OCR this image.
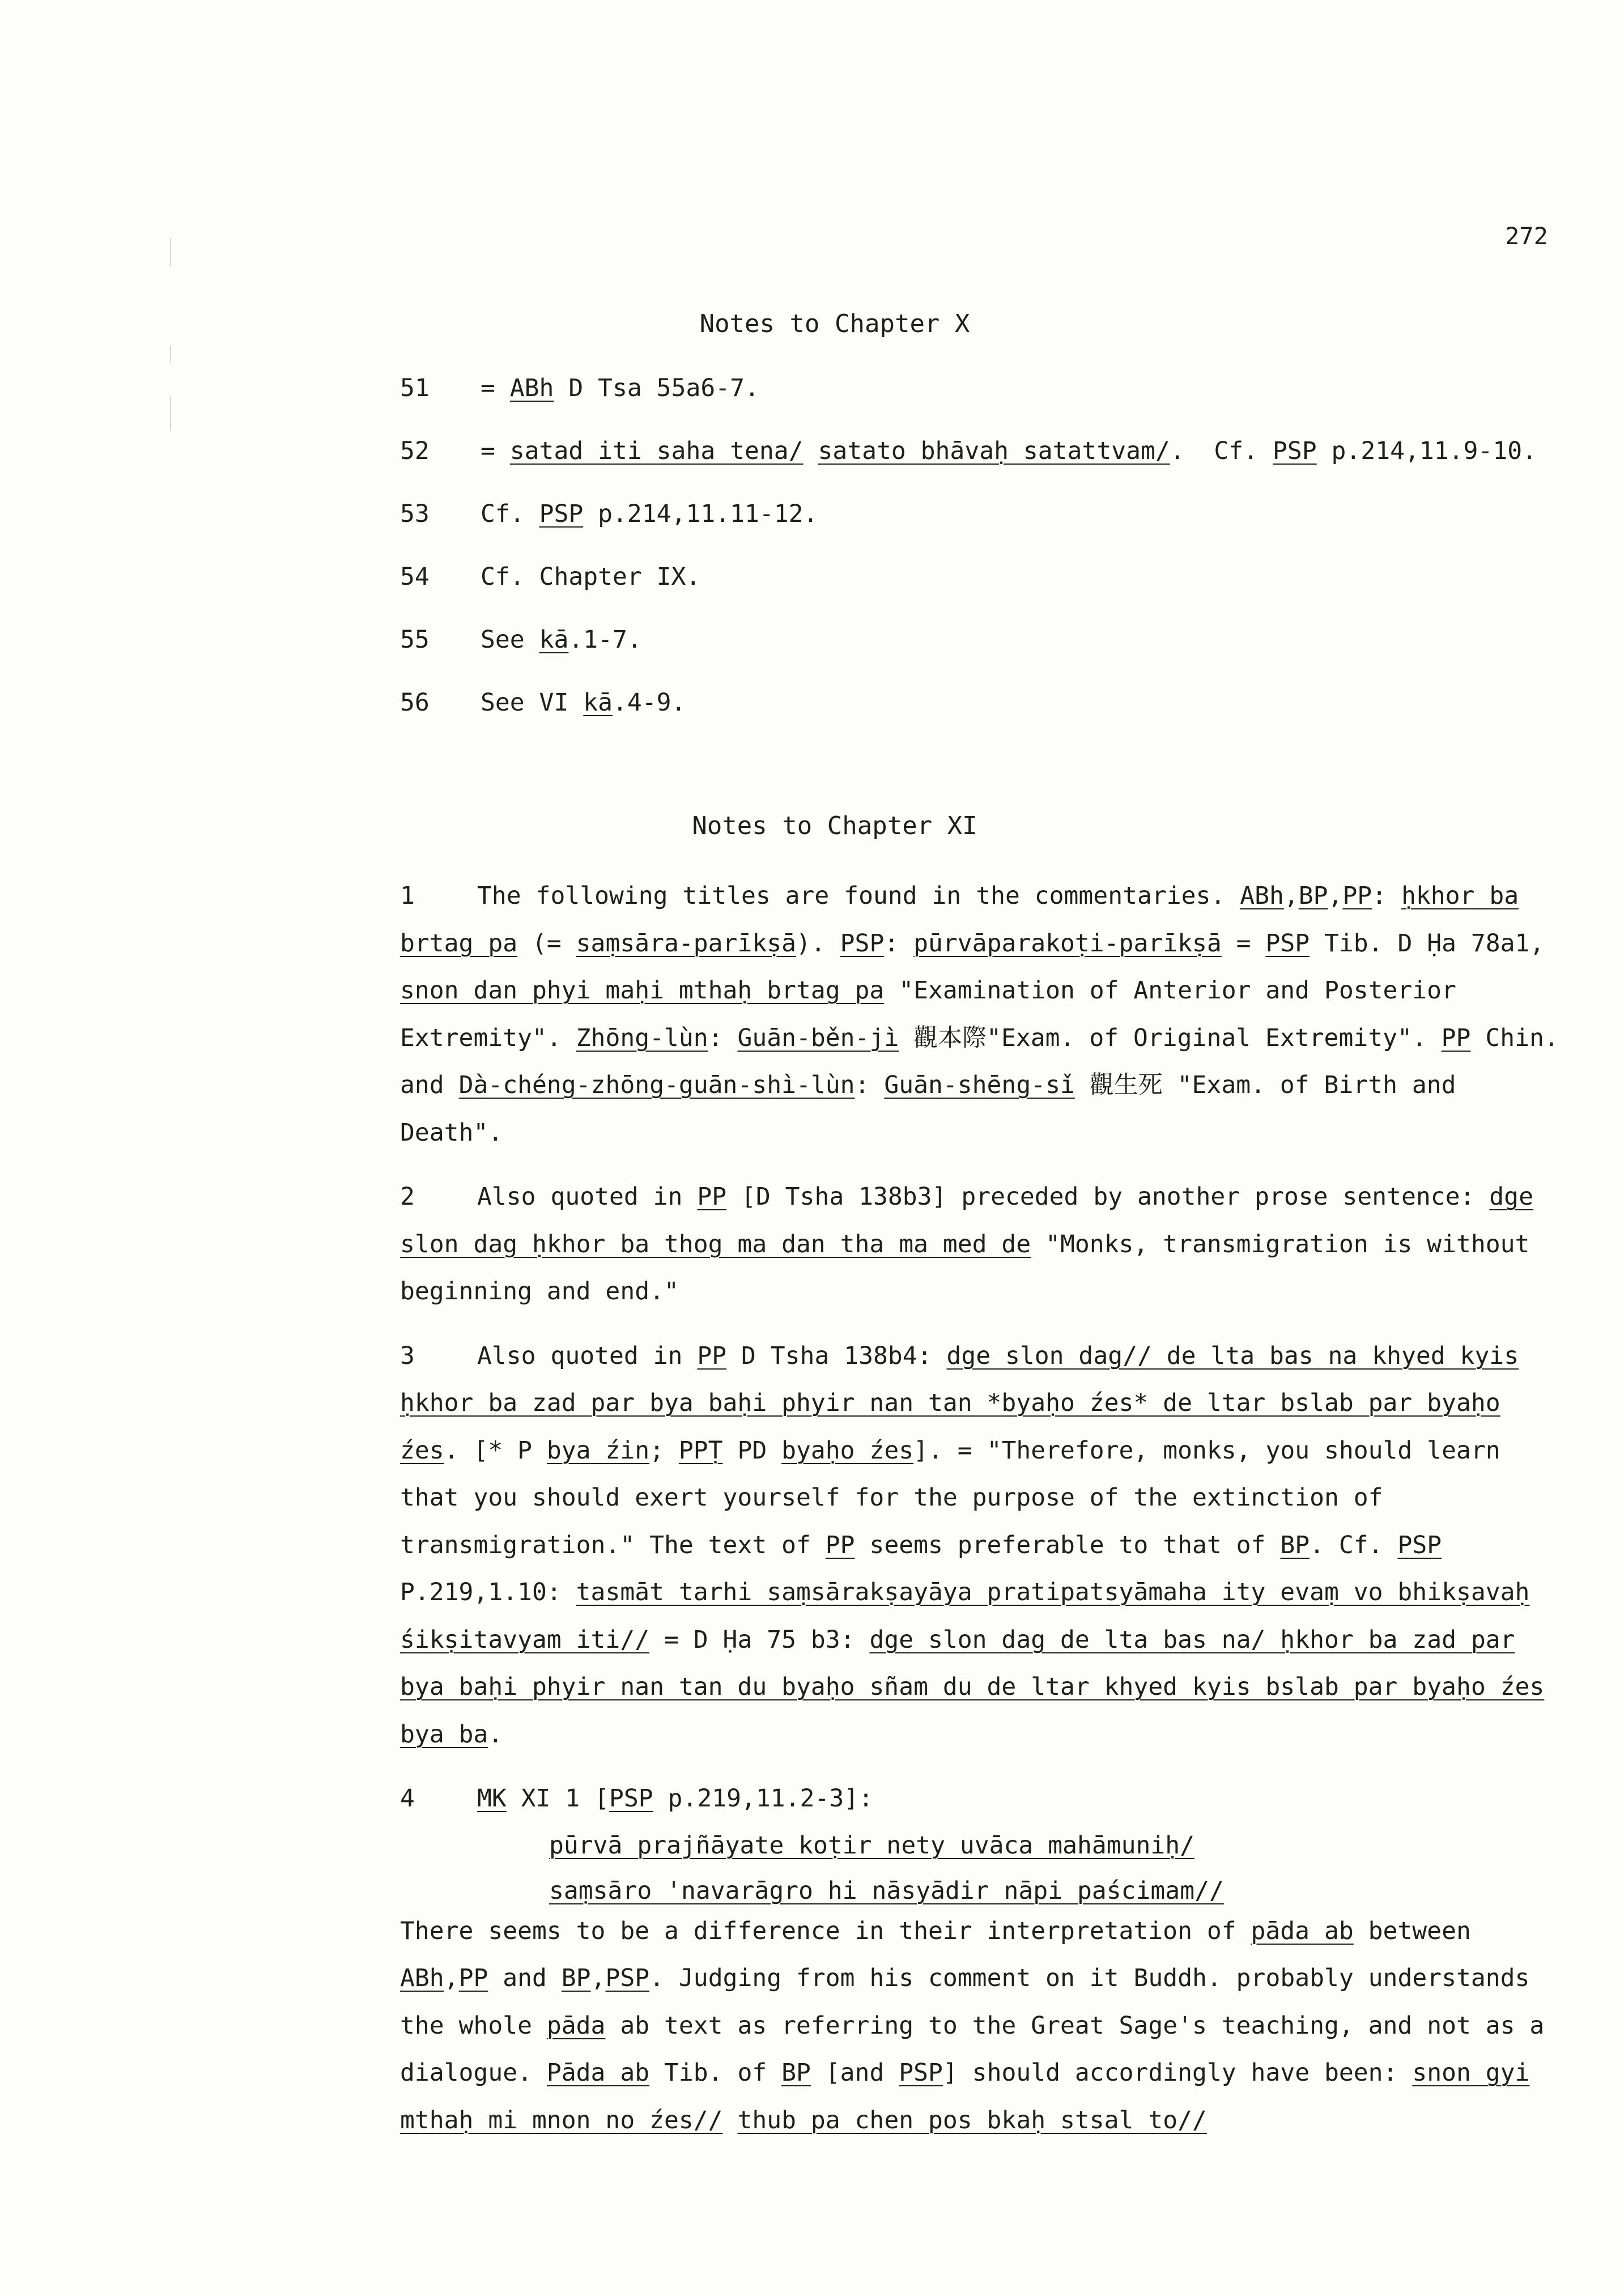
272
Notes to Chapter X
51	= ABh D Tsa 55a6-7.
52	= satad iti saha tena/ satato bhāvaḥ satattvam/.  Cf. PSP p.214,11.9-10.
53	Cf. PSP p.214,11.11-12.
54	Cf. Chapter IX.
55	See kā.1-7.
56	See VI kā.4-9.
Notes to Chapter XI
1	The following titles are found in the commentaries. ABh,BP,PP: ḥkhor ba brtag pa (= saṃsāra-parīkṣā). PSP: pūrvāparakoṭi-parīkṣā = PSP Tib. D Ḥa 78a1, snon dan phyi maḥi mthaḥ brtag pa "Examination of Anterior and Posterior Extremity". Zhōng-lùn: Guān-běn-jì 觀本際"Exam. of Original Extremity". PP Chin. and Dà-chéng-zhōng-guān-shì-lùn: Guān-shēng-sǐ 觀生死 "Exam. of Birth and Death".
2	Also quoted in PP [D Tsha 138b3] preceded by another prose sentence: dge slon dag ḥkhor ba thog ma dan tha ma med de "Monks, transmigration is without beginning and end."
3	Also quoted in PP D Tsha 138b4: dge slon dag// de lta bas na khyed kyis ḥkhor ba zad par bya baḥi phyir nan tan *byaḥo źes* de ltar bslab par byaḥo źes. [* P bya źin; PPṬ PD byaḥo źes]. = "Therefore, monks, you should learn that you should exert yourself for the purpose of the extinction of transmigration." The text of PP seems preferable to that of BP. Cf. PSP P.219,1.10: tasmāt tarhi saṃsārakṣayāya pratipatsyāmaha ity evaṃ vo bhikṣavaḥ śikṣitavyam iti// = D Ḥa 75 b3: dge slon dag de lta bas na/ ḥkhor ba zad par bya baḥi phyir nan tan du byaḥo sñam du de ltar khyed kyis bslab par byaḥo źes bya ba.
4	MK XI 1 [PSP p.219,11.2-3]:
pūrvā prajñāyate koṭir nety uvāca mahāmuniḥ/
saṃsāro 'navarāgro hi nāsyādir nāpi paścimam//
There seems to be a difference in their interpretation of pāda ab between ABh,PP and BP,PSP. Judging from his comment on it Buddh. probably understands the whole pāda ab text as referring to the Great Sage's teaching, and not as a dialogue. Pāda ab Tib. of BP [and PSP] should accordingly have been: snon gyi mthaḥ mi mnon no źes// thub pa chen pos bkaḥ stsal to//
